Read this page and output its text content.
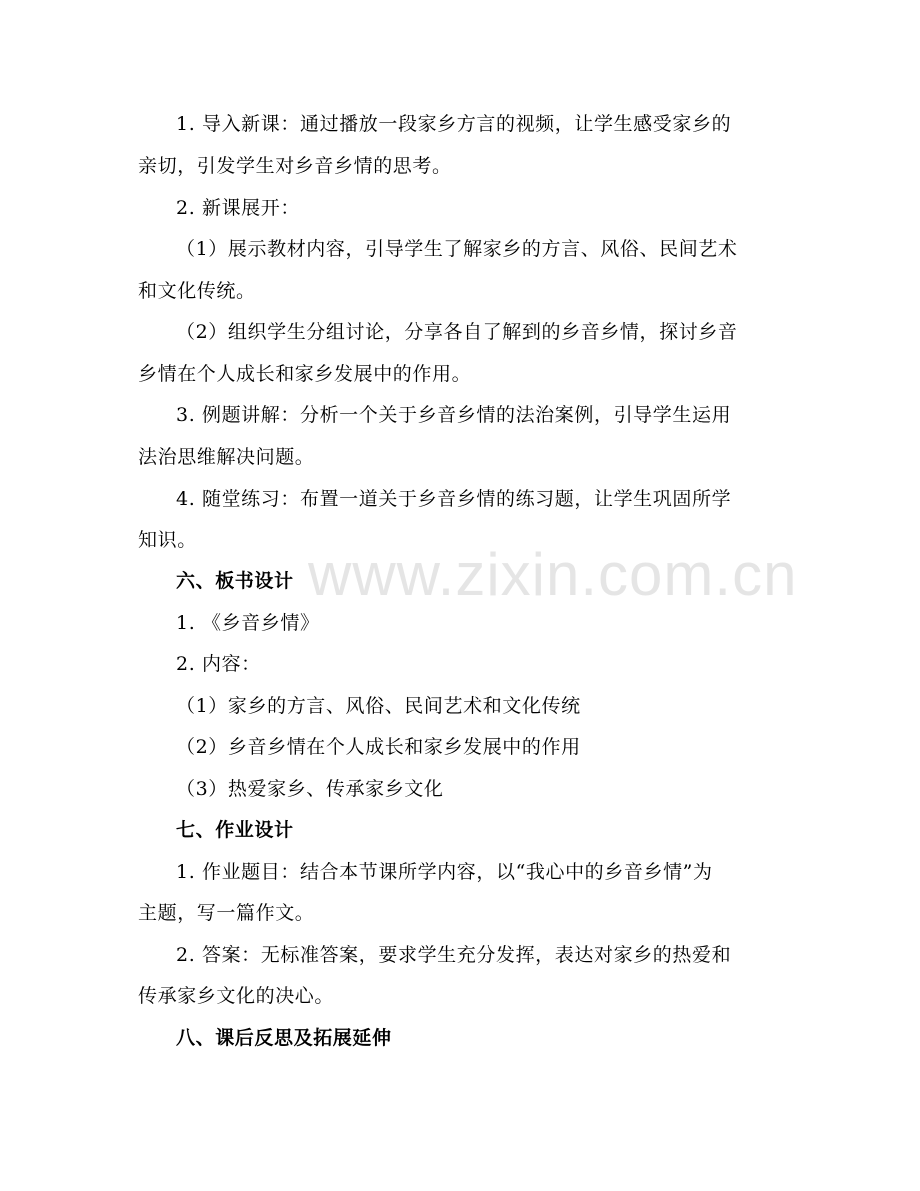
1. 导入新课：通过播放一段家乡方言的视频，让学生感受家乡的
亲切，引发学生对乡音乡情的思考。
2. 新课展开：
（1）展示教材内容，引导学生了解家乡的方言、风俗、民间艺术
和文化传统。
（2）组织学生分组讨论，分享各自了解到的乡音乡情，探讨乡音
乡情在个人成长和家乡发展中的作用。
3. 例题讲解：分析一个关于乡音乡情的法治案例，引导学生运用
法治思维解决问题。
4. 随堂练习：布置一道关于乡音乡情的练习题，让学生巩固所学
知识。
六、板书设计
1. 《乡音乡情》
2. 内容：
（1）家乡的方言、风俗、民间艺术和文化传统
（2）乡音乡情在个人成长和家乡发展中的作用
（3）热爱家乡、传承家乡文化
七、作业设计
1. 作业题目：结合本节课所学内容，以“我心中的乡音乡情”为
主题，写一篇作文。
2. 答案：无标准答案，要求学生充分发挥，表达对家乡的热爱和
传承家乡文化的决心。
八、课后反思及拓展延伸
www.zixin.com.cn
